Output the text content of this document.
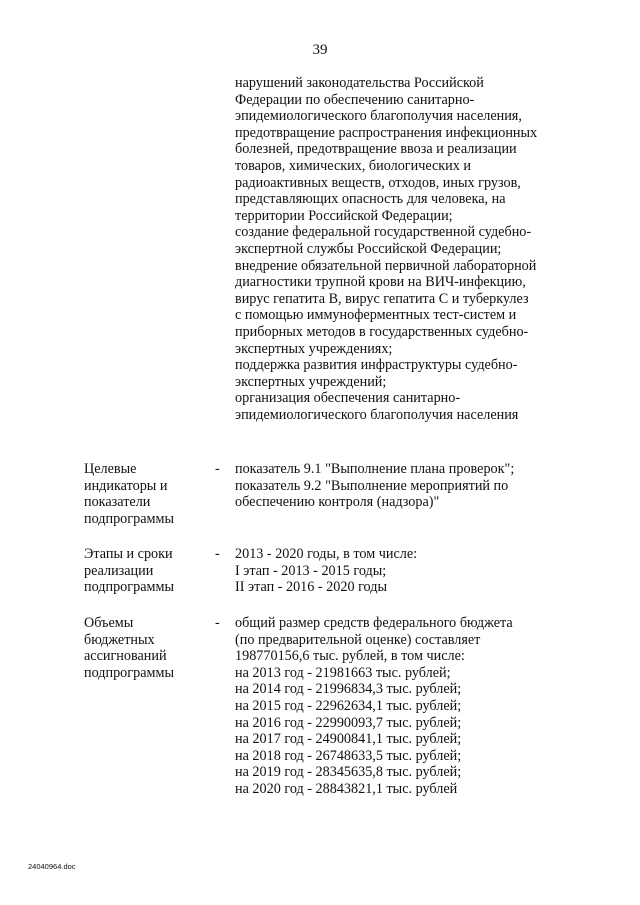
39
нарушений законодательства Российской
Федерации по обеспечению санитарно-
эпидемиологического благополучия населения,
предотвращение распространения инфекционных
болезней, предотвращение ввоза и реализации
товаров, химических, биологических и
радиоактивных веществ, отходов, иных грузов,
представляющих опасность для человека, на
территории Российской Федерации;
создание федеральной государственной судебно-
экспертной службы Российской Федерации;
внедрение обязательной первичной лабораторной
диагностики трупной крови на ВИЧ-инфекцию,
вирус гепатита В, вирус гепатита С и туберкулез
с помощью иммуноферментных тест-систем и
приборных методов в государственных судебно-
экспертных учреждениях;
поддержка развития инфраструктуры судебно-
экспертных учреждений;
организация обеспечения санитарно-
эпидемиологического благополучия населения
Целевые
индикаторы и
показатели
подпрограммы
- показатель 9.1 "Выполнение плана проверок";
показатель 9.2 "Выполнение мероприятий по
обеспечению контроля (надзора)"
Этапы и сроки
реализации
подпрограммы
- 2013 - 2020 годы, в том числе:
I этап - 2013 - 2015 годы;
II этап - 2016 - 2020 годы
Объемы
бюджетных
ассигнований
подпрограммы
- общий размер средств федерального бюджета
(по предварительной оценке) составляет
198770156,6 тыс. рублей, в том числе:
на 2013 год - 21981663 тыс. рублей;
на 2014 год - 21996834,3 тыс. рублей;
на 2015 год - 22962634,1 тыс. рублей;
на 2016 год - 22990093,7 тыс. рублей;
на 2017 год - 24900841,1 тыс. рублей;
на 2018 год - 26748633,5 тыс. рублей;
на 2019 год - 28345635,8 тыс. рублей;
на 2020 год - 28843821,1 тыс. рублей
24040964.doc
